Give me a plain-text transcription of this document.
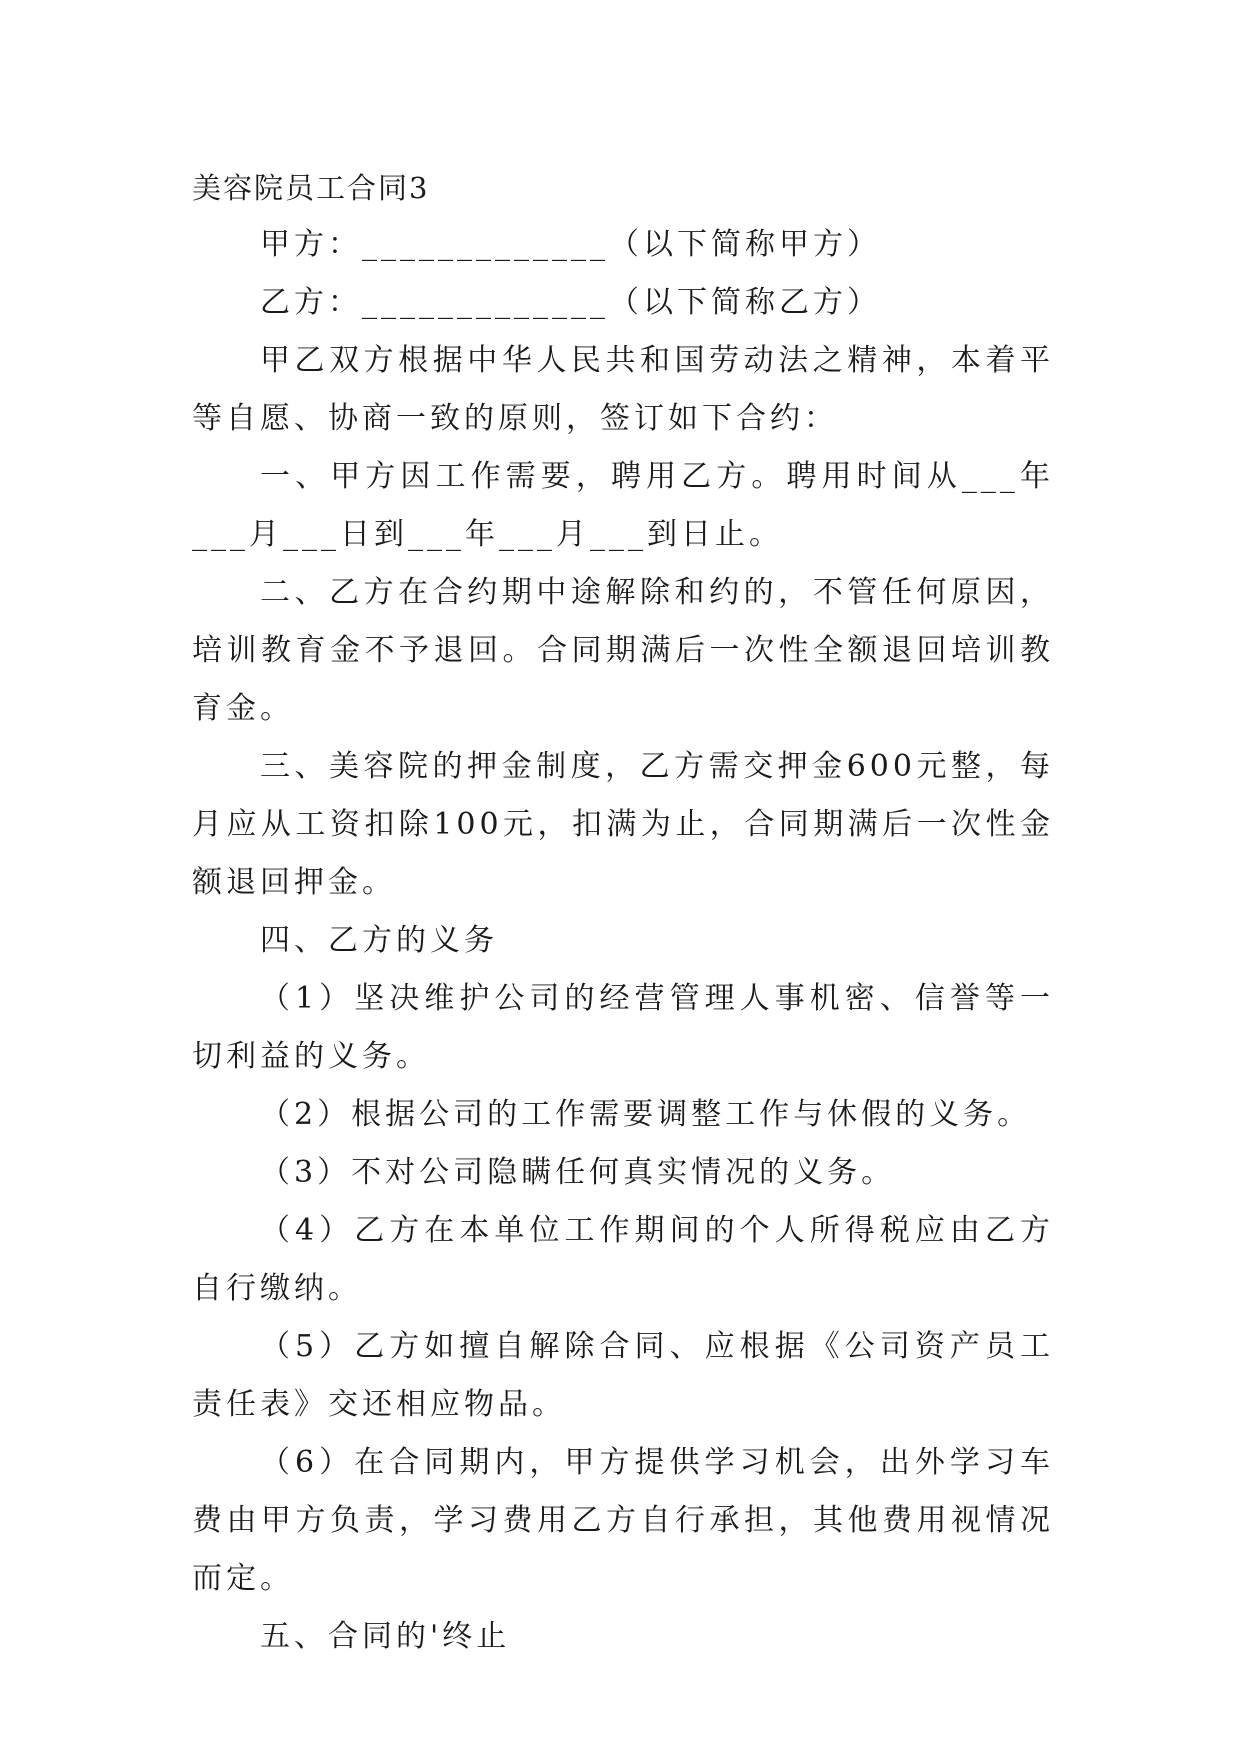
美容院员工合同3

甲方：_____________（以下简称甲方）

乙方：_____________（以下简称乙方）

甲乙双方根据中华人民共和国劳动法之精神，本着平等自愿、协商一致的原则，签订如下合约：

一、甲方因工作需要，聘用乙方。聘用时间从___年___月___日到___年___月___到日止。

二、乙方在合约期中途解除和约的，不管任何原因，培训教育金不予退回。合同期满后一次性全额退回培训教育金。

三、美容院的押金制度，乙方需交押金600元整，每月应从工资扣除100元，扣满为止，合同期满后一次性金额退回押金。

四、乙方的义务

（1）坚决维护公司的经营管理人事机密、信誉等一切利益的义务。

（2）根据公司的工作需要调整工作与休假的义务。

（3）不对公司隐瞒任何真实情况的义务。

（4）乙方在本单位工作期间的个人所得税应由乙方自行缴纳。

（5）乙方如擅自解除合同、应根据《公司资产员工责任表》交还相应物品。

（6）在合同期内，甲方提供学习机会，出外学习车费由甲方负责，学习费用乙方自行承担，其他费用视情况而定。

五、合同的'终止
